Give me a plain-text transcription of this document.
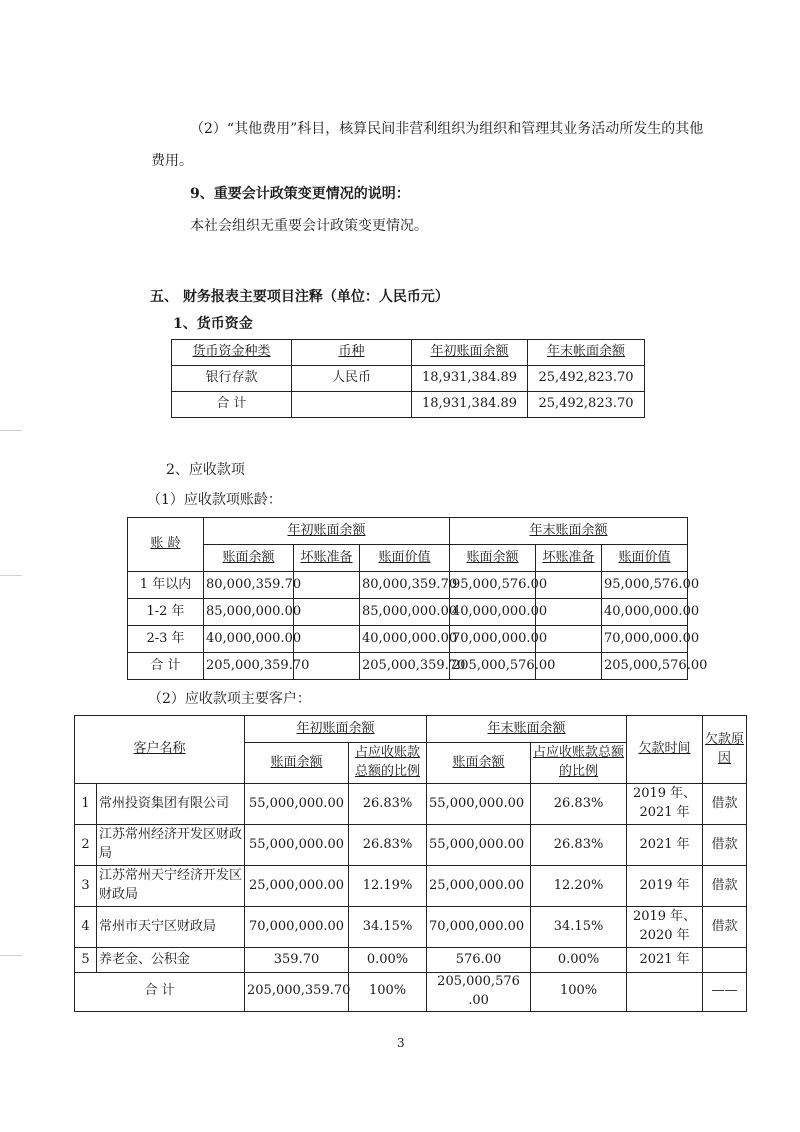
（2）“其他费用”科目，核算民间非营利组织为组织和管理其业务活动所发生的其他
费用。
9、重要会计政策变更情况的说明：
本社会组织无重要会计政策变更情况。
五、 财务报表主要项目注释（单位：人民币元）
1、货币资金
货币资金种类	币种	年初账面余额	年末帐面余额
银行存款	人民币	18,931,384.89	25,492,823.70
合 计		18,931,384.89	25,492,823.70
2、应收款项
（1）应收款项账龄：
账 龄	年初账面余额			年末账面余额		
	账面余额	坏账准备	账面价值	账面余额	坏账准备	账面价值
1 年以内	80,000,359.70		80,000,359.70	95,000,576.00		95,000,576.00
1-2 年	85,000,000.00		85,000,000.00	40,000,000.00		40,000,000.00
2-3 年	40,000,000.00		40,000,000.00	70,000,000.00		70,000,000.00
合 计	205,000,359.70		205,000,359.70	205,000,576.00		205,000,576.00
（2）应收款项主要客户：
客户名称		年初账面余额		年末账面余额		欠款时间	欠款原因
		账面余额	占应收账款总额的比例	账面余额	占应收账款总额的比例		
1	常州投资集团有限公司	55,000,000.00	26.83%	55,000,000.00	26.83%	2019 年、2021 年	借款
2	江苏常州经济开发区财政局	55,000,000.00	26.83%	55,000,000.00	26.83%	2021 年	借款
3	江苏常州天宁经济开发区财政局	25,000,000.00	12.19%	25,000,000.00	12.20%	2019 年	借款
4	常州市天宁区财政局	70,000,000.00	34.15%	70,000,000.00	34.15%	2019 年、2020 年	借款
5	养老金、公积金	359.70	0.00%	576.00	0.00%	2021 年	
合 计		205,000,359.70	100%	205,000,576 .00	100%		——
3
